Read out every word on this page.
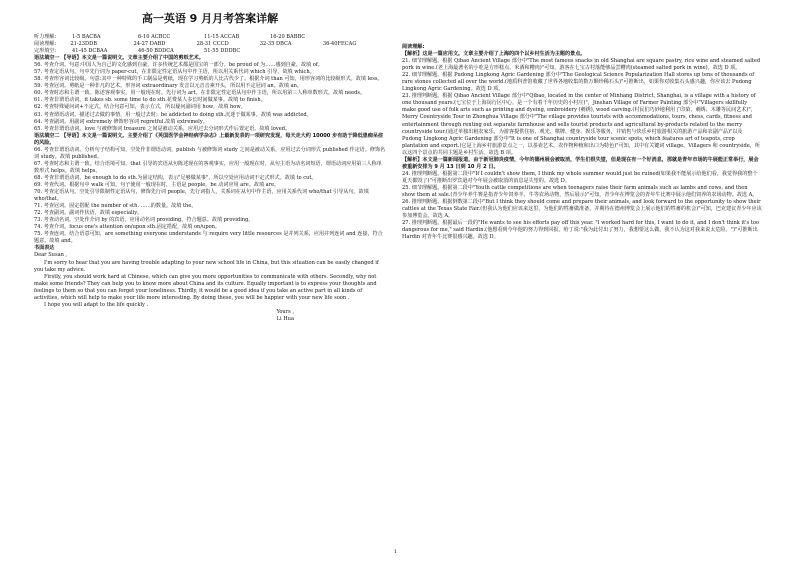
高一英语 9 月月考答案详解
听力理解:	1-5 BACBA	6-10 ACBCC	11-15 ACCAB	16-20 BABBC
阅读理解:	21-23DDB	24-27 DABD	28-31 CCCD	32-35 DBCA	36-40FECAG
完形填空:	41-45 DCBAA	46-50 BDDCA	51-55 DDDBC

语法填空一 【导语】本文是一篇说明文。文章主要介绍了中国的剪纸艺术。

56. 考查介词。句意:中国人为自己的文化感到自豪，许多传统艺术都是国宝的一部分。be proud of 为……感到自豪。故填 of。

57. 考查定语从句。句中先行词为 paper-cut，在非限定性定语从句中作主语，所以用关系代词 which 引导，故填 which。

58. 考查形容词比较级。句意:其中一种特殊的手工制品是剪纸，现在学习剪纸的人比古代少了。根据介词 than 可知，用形容词的比较级形式。故填 less。

59. 考查冠词。剪纸是一种非凡的艺术。形容词 extraordinary 发音以元音音素开头，所以用不定冠词 an。故填 an。

60. 考查时态和主谓一致。陈述客观事实，用一般现在时。先行词为 art，在非限定性定语从句中作主语，所以用第三人称单数形式。故填 needs。

61. 考查非谓语动词。it takes sb. some time to do sth.花费某人多长时间做某事。故填 to finish。

62. 考查特殊疑问词+不定式。结合句意可知，表示方式，所以疑问副词用 how。故填 how。

63. 考查谓语动词。描述过去做的事情，用一般过去时；be addicted to doing sth.沉迷于做某事。故填 was addicted。

64. 考查副词。用副词 extremely 修饰形容词 regretful.故填 extremely。

65. 考查非谓语动词。love 与被修饰词 treasure 之间是被动关系，应用过去分词形式作后置定语。故填 loved。

语法填空二 【导语】本文是一篇说明文。主要介绍了《英国医学会神经病学杂志》上最新发表的一项研究发现，每天走大约 10000 步有助于降低患痴呆症的风险。

66. 考查非谓语动词。分析句子结构可知，空处作非谓语动词，publish 与被修饰词 study 之间是被动关系，应用过去分词形式 published 作定语。修饰名词 study。故填 published。

67. 考查时态和主谓一致。结合语境可知，that 引导的宾语从句陈述现在的客观事实，应用一般现在时，从句主语为动名词短语，谓语动词应用第三人称单数形式 helps。故填 helps。

68. 考查非谓语动词。be enough to do sth.为固定结构，表示"足够做某事"，所以空处应用动词不定式形式。故填 to cut。

69. 考查代词。根据句中 walk 可知，句子使用一般现在时，主语是 people，be 动词应用 are。故填 are。

70. 考查定语从句。空处引导限制性定语从句，修饰先行词 people，先行词指人，关系词在从句中作主语，应用关系代词 who/that 引导从句。故填 who/that。

71. 考查冠词。固定搭配 the number of sth. ……的数量。故填 the。

72. 考查副词。副词作状语，故填 especially。

73. 考查动名词。空处作介词 by 的宾语，应用动名词 providing，符合题意。故填 providing。

74. 考查介词。focus one's attention on/upon sth.固定搭配，故填 on/upon。

75. 考查连词。结合语意可知，are something everyone understands 与 require very little resources 是并列关系，应用并列连词 and 连接，符合题意。故填 and。

书面表达

Dear Susan ,

I'm sorry to hear that you are having trouble adapting to your new school life in China, but this situation can be easily changed if you take my advice.

Firstly, you should work hard at Chinese, which can give you more opportunities to communicate with others. Secondly, why not make some friends? They can help you to know more about China and its culture. Equally important is to express your thoughts and feelings to them so that you can forget your loneliness. Thirdly, it would be a good idea if you take an active part in all kinds of activities, which will help to make your life more interesting. By doing these, you will be happier with your new life soon .

I hope you will adapt to the life quickly .

Yours ,

Li Hua

阅读理解:

【解析】这是一篇应用文。文章主要介绍了上海的四个以乡村生活为主题的景点。

21. 细节理解题。根据 Qibao Ancient Village 部分中"The most famous snacks in old Shanghai are square pastry, rice wine and steamed salted pork in wine.(老上海最著名的小吃是方形糕点、米酒和糟肉)"可知，游客在七宝古村落能够品尝糟肉(steamed salted pork in wine)。故选 D 项。

22. 细节理解题。根据 Pudong Lingkong Agric Gardening 部分中"The Geological Science Popularization Hall stores up tens of thousands of rare stones collected all over the world.(地质科普馆收藏了世界各地收集的数万颗珍稀石头)"可推断出，如果你对收集石头感兴趣，你应该去 Pudong Lingkong Agric Gardening。故选 D 项。

23. 推理判断题。根据 Qibao Ancient Village 部分中"Qibao, located in the center of Minhang District, Shanghai, is a village with a history of one thousand years.(七宝位于上海闵行区中心，是一个有着千年历史的小村庄)"，Jinshan Village of Farmer Painting 部分中"Villagers skillfully make good use of folk arts such as printing and dyeing, embroidery (刺绣), wood carving.(村民们巧妙地利用了印染、刺绣、木雕等民间艺术)"，Merry Countryside Tour in Zhonghua Village 部分中"The village provides tourists with accommodations, tours, chess, cards, fitness and entertainment through renting out separate farmhouse and sells tourist products and agricultural by-products related to the merry countryside tour.(通过单独出租农家乐，为游客提供住宿、观光、棋牌、健身、娱乐等服务，并销售与快乐乡村旅游相关的旅游产品和农副产品)"以及 Pudong Lingkong Agric Gardening 部分中"It is one of Shanghai countryside tour scenic spots, which features art of teapots, crop plantation and export.(它是上海乡村旅游景点之一，以茶壶艺术、农作物种植和出口为特色)"可知，其中有关键词 village、Villagers 和 countryside，所以这四个景点的共同主题是乡村生活。故选 B 项。

【解析】本文是一篇新闻报道，由于新冠肺炎疫情，今年的德州展会被取消，学生们很失望，但是现在有一个好消息，那就是青年市场的牛展能正常举行，展会被重新安排为 9 月 13 日到 10 月 2 日。

24. 推理判断题。根据第二段中"If I couldn't show them, I think my whole summer would just be ruined(如果我不能展示给他们看，我觉得我的整个夏天都毁了)"可推断出罗宾逊对今年展会被取消的消息是失望的。故选 D。

25. 细节理解题。根据第二段中"Youth cattle competitions are when teenagers raise their farm animals such as lambs and cows, and then show them at sale.(青少年养牛赛是指青少年饲养羊、牛等农场动物，然后展示)"可知，青少年在博览会的青年牛比赛中展示他们饲养的农场动物。故选 A。

26. 推理判断题。根据倒数第二段中"But I think they should come and prepare their animals, and look forward to the opportunity to show their cattles at the Texas State Fair.(但我认为他们应该来这里，为他们的牲畜做准备，并期待在德州博览会上展示他们的牲畜的机会)"可知，巴克建议青少年应该参加博览会。故选 A。

27. 推理判断题。根据最后一段的"He wants to see his efforts pay off this year. "I worked hard for this, I want to do it, and I don't think it's too dangerous for me," said Hardin.(他想看到今年他的努力得到回报。哈丁说:"我为此付出了努力，我想要这么做，我不认为这对我来说太危险。")"可推断出 Hardin 对青年牛比赛很感兴趣。故选 D。

1
